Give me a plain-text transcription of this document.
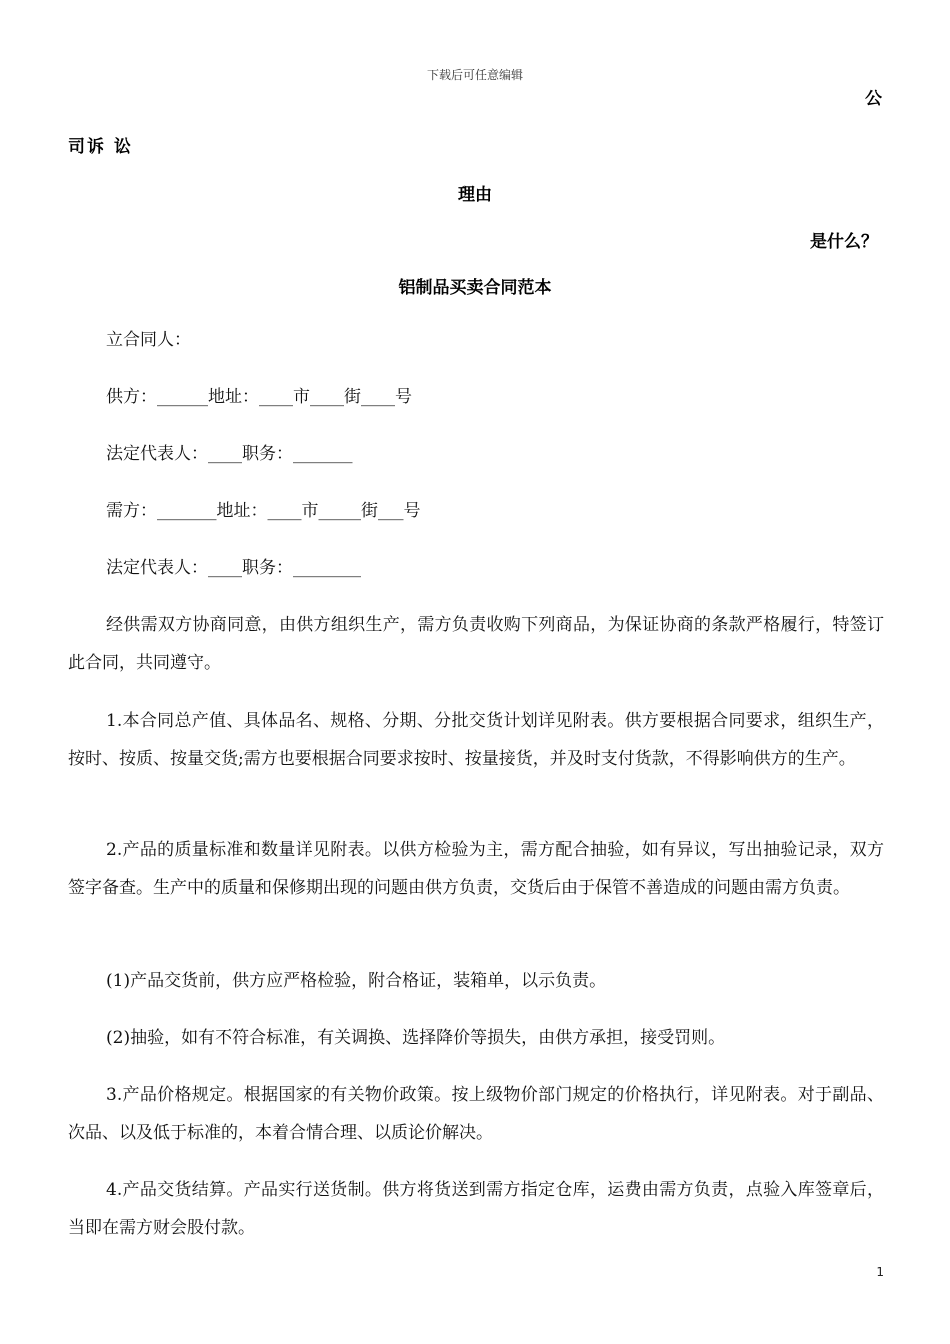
下载后可任意编辑
公
司诉 讼
理由
是什么？
铝制品买卖合同范本
立合同人：
供方：______地址：____市____街____号
法定代表人：____职务：_______
需方：_______地址：____市_____街___号
法定代表人：____职务：________
经供需双方协商同意，由供方组织生产，需方负责收购下列商品，为保证协商的条款严格履行，特签订此合同，共同遵守。
1.本合同总产值、具体品名、规格、分期、分批交货计划详见附表。供方要根据合同要求，组织生产，按时、按质、按量交货;需方也要根据合同要求按时、按量接货，并及时支付货款，不得影响供方的生产。
2.产品的质量标准和数量详见附表。以供方检验为主，需方配合抽验，如有异议，写出抽验记录，双方签字备查。生产中的质量和保修期出现的问题由供方负责，交货后由于保管不善造成的问题由需方负责。
(1)产品交货前，供方应严格检验，附合格证，装箱单，以示负责。
(2)抽验，如有不符合标准，有关调换、选择降价等损失，由供方承担，接受罚则。
3.产品价格规定。根据国家的有关物价政策。按上级物价部门规定的价格执行，详见附表。对于副品、次品、以及低于标准的，本着合情合理、以质论价解决。
4.产品交货结算。产品实行送货制。供方将货送到需方指定仓库，运费由需方负责，点验入库签章后，当即在需方财会股付款。
1
